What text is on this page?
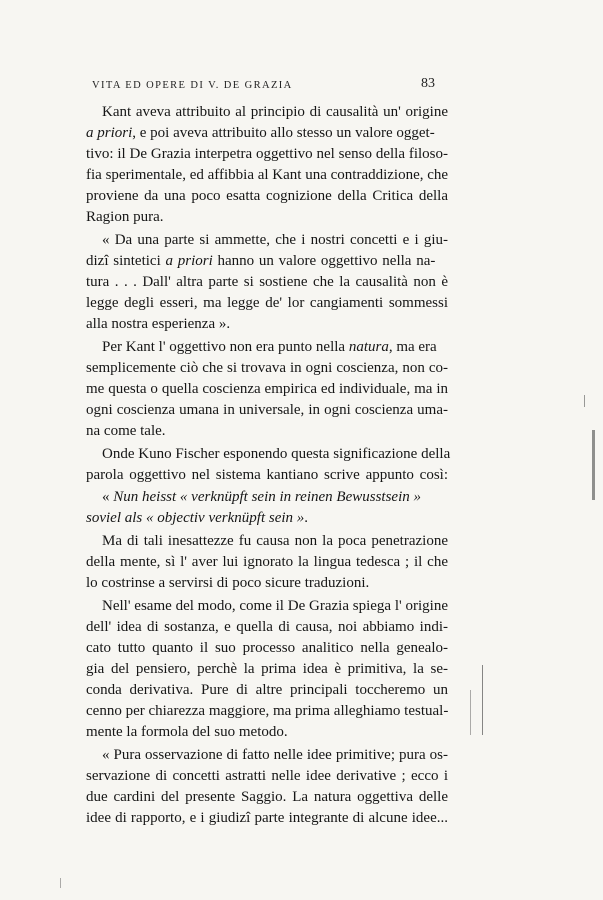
VITA ED OPERE DI V. DE GRAZIA	83
Kant aveva attribuito al principio di causalità un' origine
a priori, e poi aveva attribuito allo stesso un valore ogget-
tivo: il De Grazia interpetra oggettivo nel senso della filoso-
fia sperimentale, ed affibbia al Kant una contraddizione, che
proviene da una poco esatta cognizione della Critica della
Ragion pura.
« Da una parte si ammette, che i nostri concetti e i giu-
dizî sintetici a priori hanno un valore oggettivo nella na-
tura . . . Dall' altra parte si sostiene che la causalità non è
legge degli esseri, ma legge de' lor cangiamenti sommessi
alla nostra esperienza ».
Per Kant l' oggettivo non era punto nella natura, ma era
semplicemente ciò che si trovava in ogni coscienza, non co-
me questa o quella coscienza empirica ed individuale, ma in
ogni coscienza umana in universale, in ogni coscienza uma-
na come tale.
Onde Kuno Fischer esponendo questa significazione della
parola oggettivo nel sistema kantiano scrive appunto così:
« Nun heisst « verknüpft sein in reinen Bewusstsein »
soviel als « objectiv verknüpft sein ».
Ma di tali inesattezze fu causa non la poca penetrazione
della mente, sì l' aver lui ignorato la lingua tedesca ; il che
lo costrinse a servirsi di poco sicure traduzioni.
Nell' esame del modo, come il De Grazia spiega l' origine
dell' idea di sostanza, e quella di causa, noi abbiamo indi-
cato tutto quanto il suo processo analitico nella genealo-
gia del pensiero, perchè la prima idea è primitiva, la se-
conda derivativa. Pure di altre principali toccheremo un
cenno per chiarezza maggiore, ma prima alleghiamo testual-
mente la formola del suo metodo.
« Pura osservazione di fatto nelle idee primitive; pura os-
servazione di concetti astratti nelle idee derivative ; ecco i
due cardini del presente Saggio. La natura oggettiva delle
idee di rapporto, e i giudizî parte integrante di alcune idee...
